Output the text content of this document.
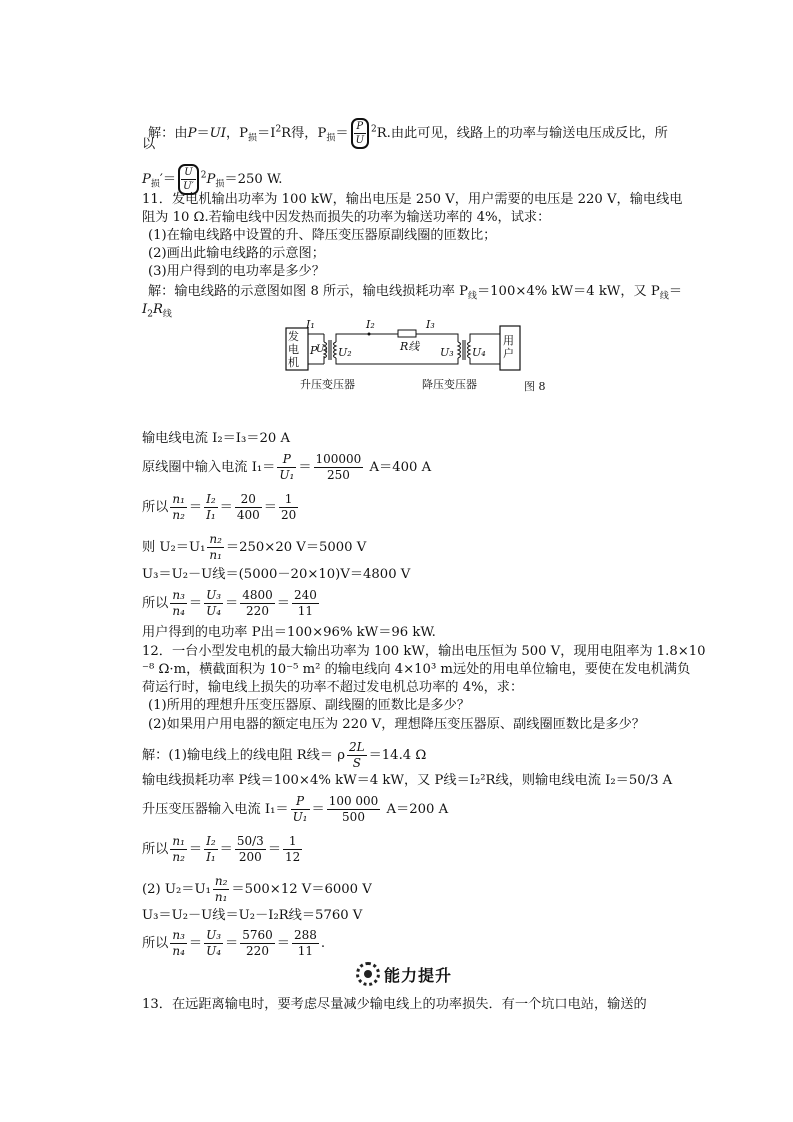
解：由P＝UI，$P_损=I^2R$得，$P_损= \frac{P}{U} ^2R$.由此可见，线路上的功率与输送电压成反比，所
以
$P_损'= \frac{U}{U'} ^2P_损=250$ W.
11．发电机输出功率为 100 kW，输出电压是 250 V，用户需要的电压是 220 V，输电线电
阻为 10 Ω.若输电线中因发热而损失的功率为输送功率的 4%，试求：
(1)在输电线路中设置的升、降压变压器原副线圈的匝数比；
(2)画出此输电线路的示意图；
(3)用户得到的电功率是多少？
解：输电线路的示意图如图 8 所示，输电线损耗功率 $P_线=100\times 4\%$ kW＝4 kW，又 $P_线=$
$I_2R_线$
发电机
用户
I₁	I₂	I₃
P
U₁ U₂	R线 U₃ U₄
升压变压器	降压变压器	图 8
输电线电流 I₂＝I₃＝20 A
原线圈中输入电流 $I_1= \frac{P}{\text{U₁}} = \frac{100000}{250} A=400$ A
所以 $\frac{\text{n₁}}{\text{n₂}} = \frac{\text{I₂}}{\text{I₁}} = \frac{20}{400} = \frac{1}{20}$
则 $U_2=U_1 \frac{\text{n₂}}{\text{n₁}} =250\times 20$ V＝5000 V
U₃＝U₂－U线＝(5000－20×10)V＝4800 V
所以 $\frac{\text{n₃}}{\text{n₄}} = \frac{\text{U₃}}{\text{U₄}} = \frac{4800}{220} = \frac{240}{11}$
用户得到的电功率 P出＝100×96% kW＝96 kW.
12．一台小型发电机的最大输出功率为 100 kW，输出电压恒为 500 V，现用电阻率为 1.8×10
⁻⁸ Ω·m，横截面积为 10⁻⁵ m² 的输电线向 4×10³ m远处的用电单位输电，要使在发电机满负
荷运行时，输电线上损失的功率不超过发电机总功率的 4%，求：
(1)所用的理想升压变压器原、副线圈的匝数比是多少？
(2)如果用户用电器的额定电压为 220 V，理想降压变压器原、副线圈匝数比是多少？
解：(1)输电线上的线电阻 R线＝ ρ $\frac{2L}{S} =14.4$ Ω
输电线损耗功率 P线＝100×4% kW＝4 kW，又 P线＝I₂²R线，则输电线电流 I₂＝50/3 A
升压变压器输入电流 $I_1= \frac{P}{\text{U₁}} = \frac{100 000}{500} A=200$ A
所以 $\frac{\text{n₁}}{\text{n₂}} = \frac{\text{I₂}}{\text{I₁}} = \frac{50/3}{200} = \frac{1}{12}$
(2) $U_2=U_1 \frac{\text{n₂}}{\text{n₁}} =500\times 12$ V＝6000 V
U₃＝U₂－U线＝U₂－I₂R线＝5760 V
所以 $\frac{\text{n₃}}{\text{n₄}} = \frac{\text{U₃}}{\text{U₄}} = \frac{5760}{220} = \frac{288}{11}$ .
能力提升
13．在远距离输电时，要考虑尽量减少输电线上的功率损失．有一个坑口电站，输送的
